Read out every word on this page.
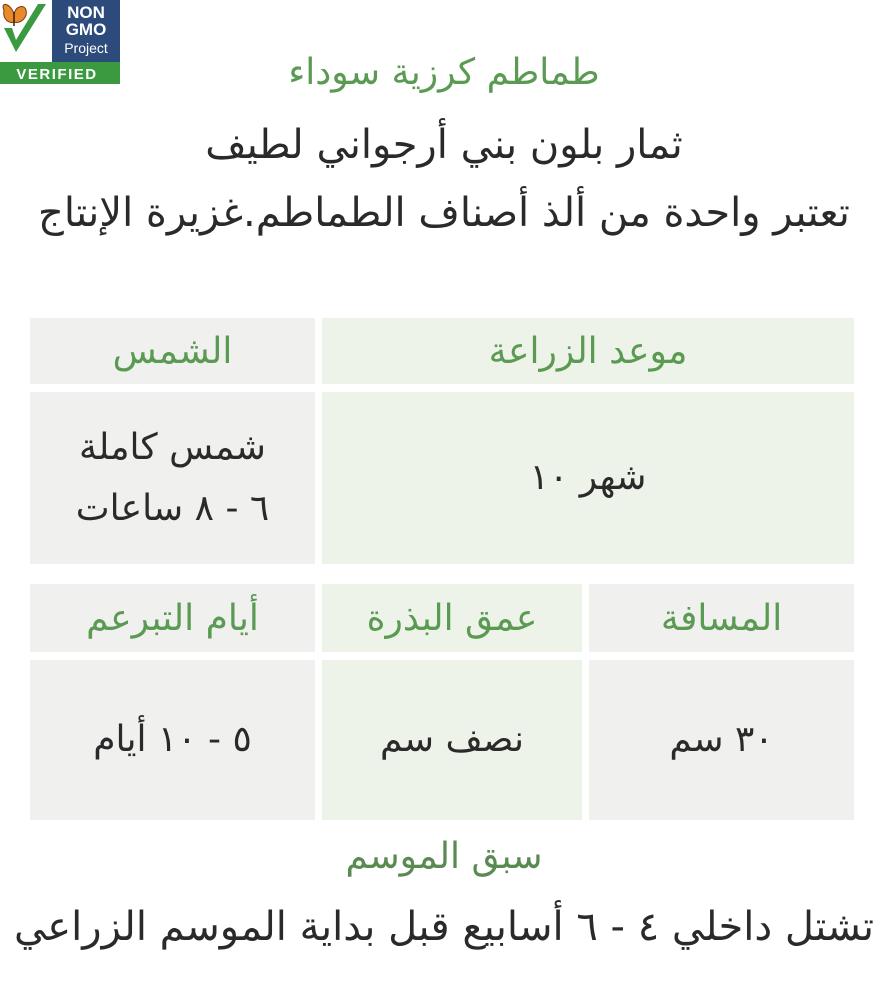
NON
GMO
Project
VERIFIED	طماطم كرزية سوداء
ثمار بلون بني أرجواني لطيف
تعتبر واحدة من ألذ أصناف الطماطم.غزيرة الإنتاج
موعد الزراعة
الشمس
شهر ١٠
شمس كاملة
٦ - ٨ ساعات
المسافة
عمق البذرة
أيام التبرعم
٣٠ سم
نصف سم
٥ - ١٠ أيام
سبق الموسم
تشتل داخلي ٤ - ٦ أسابيع قبل بداية الموسم الزراعي
